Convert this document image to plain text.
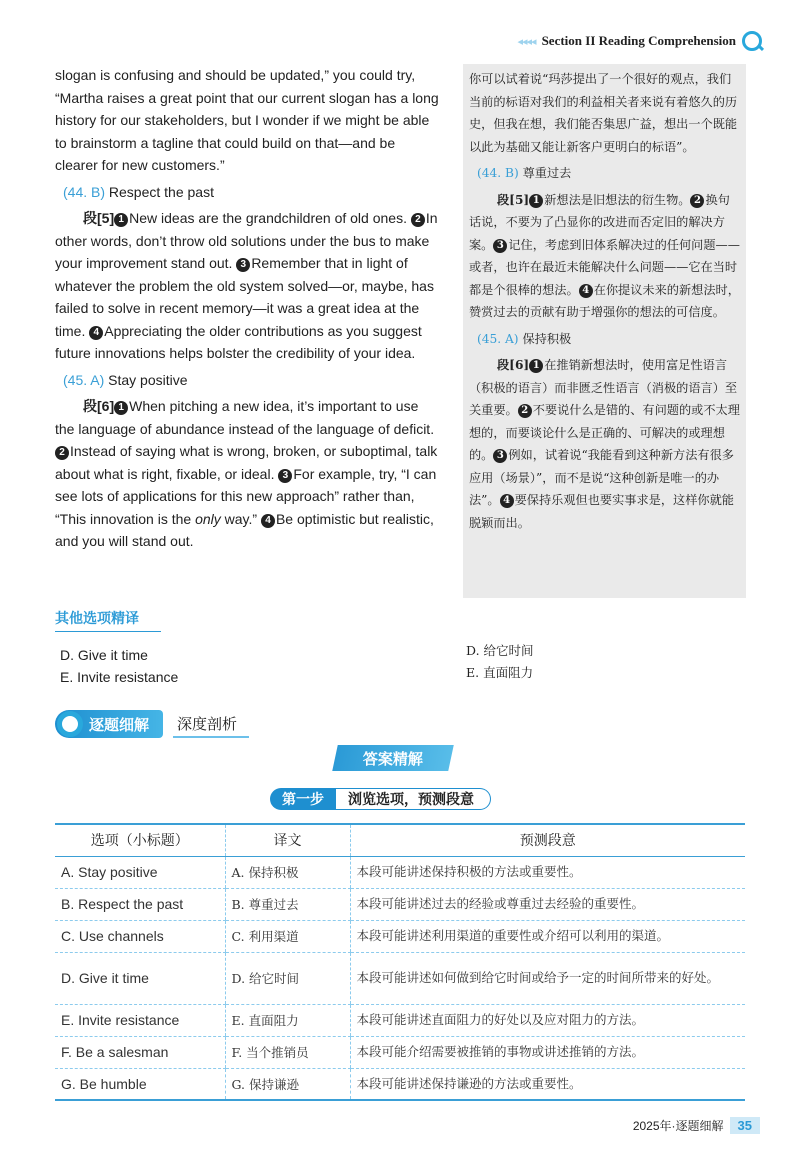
◂◂◂◂ Section II Reading Comprehension

slogan is confusing and should be updated,” you could try, “Martha raises a great point that our current slogan has a long history for our stakeholders, but I wonder if we might be able to brainstorm a tagline that could build on that—and be clearer for new customers.”

(44. B) Respect the past

段[5] 1 New ideas are the grandchildren of old ones. 2 In other words, don’t throw old solutions under the bus to make your improvement stand out. 3 Remember that in light of whatever the problem the old system solved—or, maybe, has failed to solve in recent memory—it was a great idea at the time. 4 Appreciating the older contributions as you suggest future innovations helps bolster the credibility of your idea.

(45. A) Stay positive

段[6] 1 When pitching a new idea, it’s important to use the language of abundance instead of the language of deficit. 2 Instead of saying what is wrong, broken, or suboptimal, talk about what is right, fixable, or ideal. 3 For example, try, “I can see lots of applications for this new approach” rather than, “This innovation is the only way.” 4 Be optimistic but realistic, and you will stand out.

你可以试着说“玛莎提出了一个很好的观点，我们当前的标语对我们的利益相关者来说有着悠久的历史，但我在想，我们能否集思广益，想出一个既能以此为基础又能让新客户更明白的标语”。

(44. B) 尊重过去

段[5] 1 新想法是旧想法的衍生物。 2 换句话说，不要为了凸显你的改进而否定旧的解决方案。 3 记住，考虑到旧体系解决过的任何问题——或者，也许在最近未能解决什么问题——它在当时都是个很棒的想法。 4 在你提议未来的新想法时，赞赏过去的贡献有助于增强你的想法的可信度。

(45. A) 保持积极

段[6] 1 在推销新想法时，使用富足性语言（积极的语言）而非匮乏性语言（消极的语言）至关重要。 2 不要说什么是错的、有问题的或不太理想的，而要谈论什么是正确的、可解决的或理想的。 3 例如，试着说“我能看到这种新方法有很多应用（场景）”，而不是说“这种创新是唯一的办法”。 4 要保持乐观但也要实事求是，这样你就能脱颖而出。

其他选项精译
D. Give it time
E. Invite resistance
D. 给它时间
E. 直面阻力
逐题细解 深度剖析
答案精解
第一步	浏览选项，预测段意
选项（小标题）	译文	预测段意
A. Stay positive	A. 保持积极	本段可能讲述保持积极的方法或重要性。
B. Respect the past	B. 尊重过去	本段可能讲述过去的经验或尊重过去经验的重要性。
C. Use channels	C. 利用渠道	本段可能讲述利用渠道的重要性或介绍可以利用的渠道。
D. Give it time	D. 给它时间	本段可能讲述如何做到给它时间或给予一定的时间所带来的好处。
E. Invite resistance	E. 直面阻力	本段可能讲述直面阻力的好处以及应对阻力的方法。
F. Be a salesman	F. 当个推销员	本段可能介绍需要被推销的事物或讲述推销的方法。
G. Be humble	G. 保持谦逊	本段可能讲述保持谦逊的方法或重要性。
2025年·逐题细解	35
